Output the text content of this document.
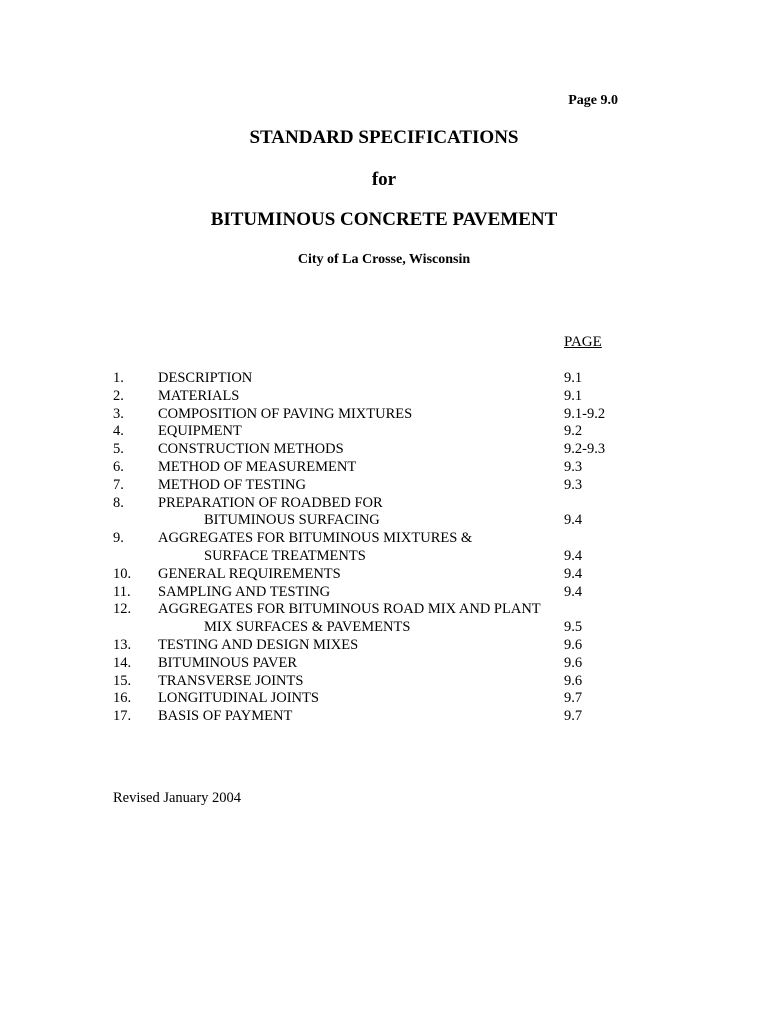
Page 9.0
STANDARD SPECIFICATIONS
for
BITUMINOUS CONCRETE PAVEMENT
City of La Crosse, Wisconsin
PAGE
1. DESCRIPTION	9.1
2. MATERIALS	9.1
3. COMPOSITION OF PAVING MIXTURES	9.1-9.2
4. EQUIPMENT	9.2
5. CONSTRUCTION METHODS	9.2-9.3
6. METHOD OF MEASUREMENT	9.3
7. METHOD OF TESTING	9.3
8. PREPARATION OF ROADBED FOR
BITUMINOUS SURFACING	9.4
9. AGGREGATES FOR BITUMINOUS MIXTURES &
SURFACE TREATMENTS	9.4
10. GENERAL REQUIREMENTS	9.4
11. SAMPLING AND TESTING	9.4
12. AGGREGATES FOR BITUMINOUS ROAD MIX AND PLANT
MIX SURFACES & PAVEMENTS	9.5
13. TESTING AND DESIGN MIXES	9.6
14. BITUMINOUS PAVER	9.6
15. TRANSVERSE JOINTS	9.6
16. LONGITUDINAL JOINTS	9.7
17. BASIS OF PAYMENT	9.7
Revised January 2004
